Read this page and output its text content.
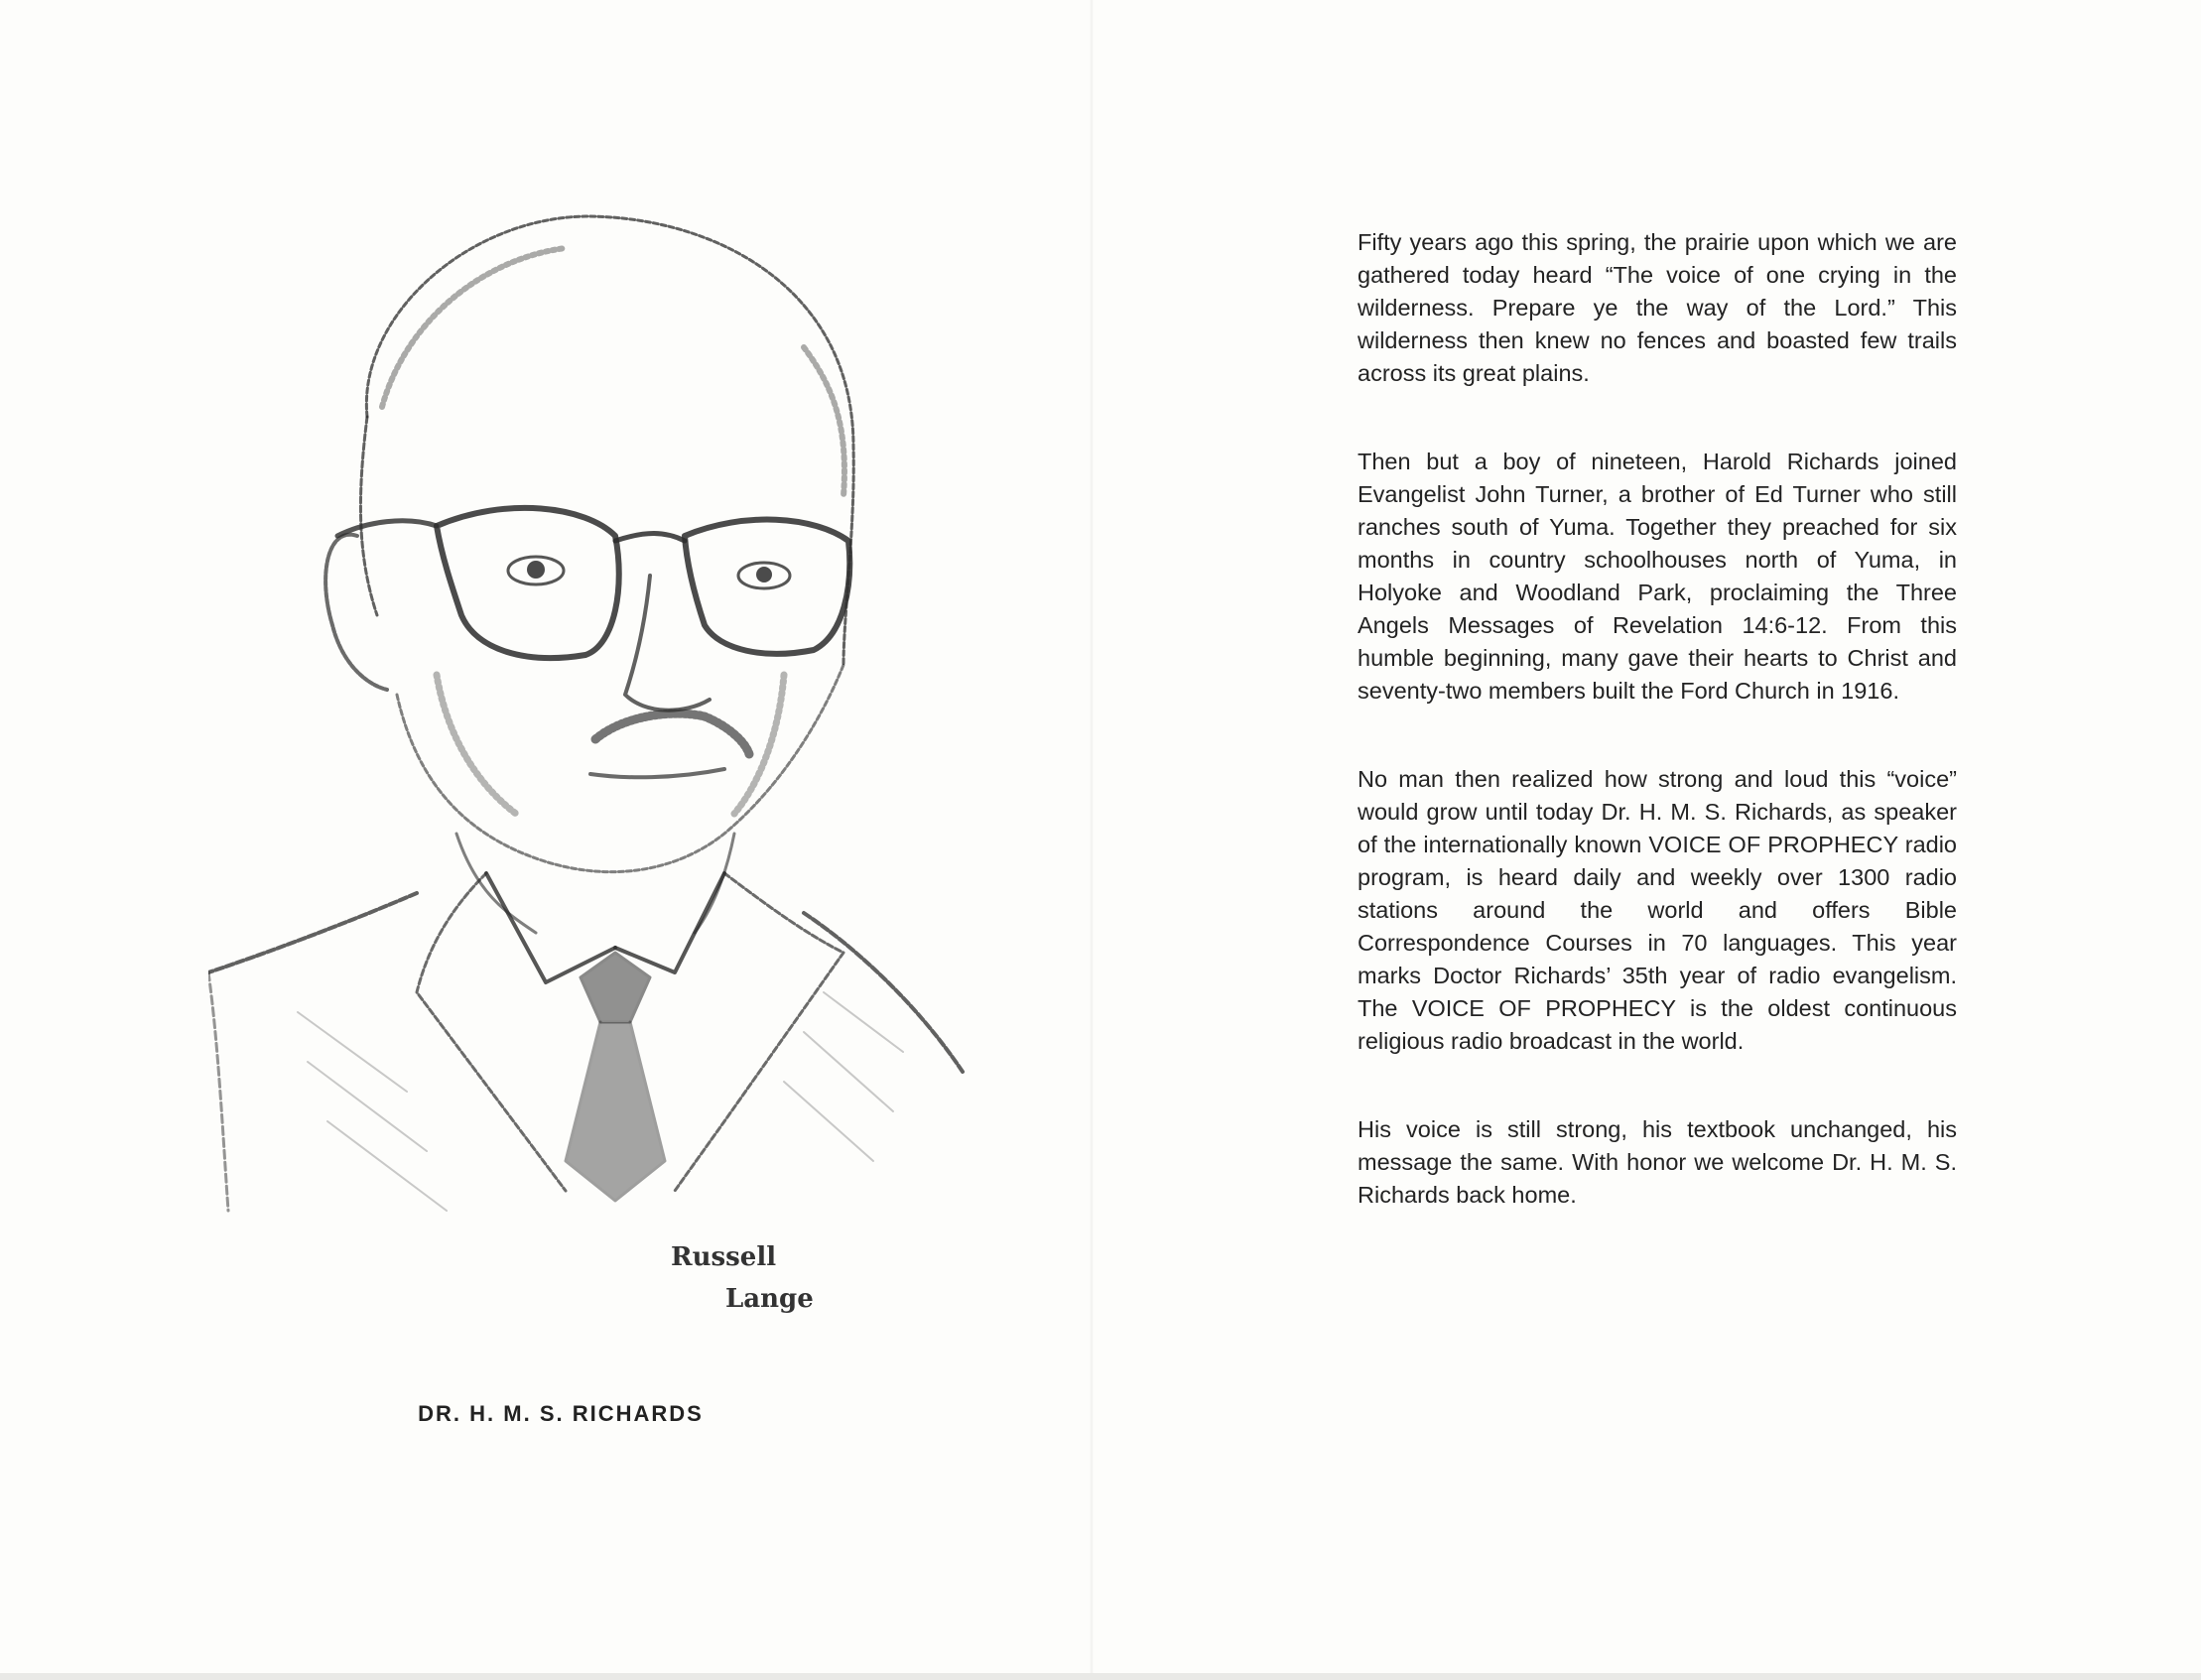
Russell
Lange
DR. H. M. S. RICHARDS

Fifty years ago this spring, the prairie upon which we are gathered today heard “The voice of one crying in the wilderness. Prepare ye the way of the Lord.” This wilderness then knew no fences and boasted few trails across its great plains.

Then but a boy of nineteen, Harold Richards joined Evangelist John Turner, a brother of Ed Turner who still ranches south of Yuma. Together they preached for six months in country schoolhouses north of Yuma, in Holyoke and Woodland Park, proclaiming the Three Angels Messages of Revelation 14:6-12. From this humble beginning, many gave their hearts to Christ and seventy-two members built the Ford Church in 1916.

No man then realized how strong and loud this “voice” would grow until today Dr. H. M. S. Richards, as speaker of the internationally known VOICE OF PROPHECY radio program, is heard daily and weekly over 1300 radio stations around the world and offers Bible Correspondence Courses in 70 languages. This year marks Doctor Richards’ 35th year of radio evangelism. The VOICE OF PROPHECY is the oldest continuous religious radio broadcast in the world.

His voice is still strong, his textbook unchanged, his message the same. With honor we welcome Dr. H. M. S. Richards back home.
